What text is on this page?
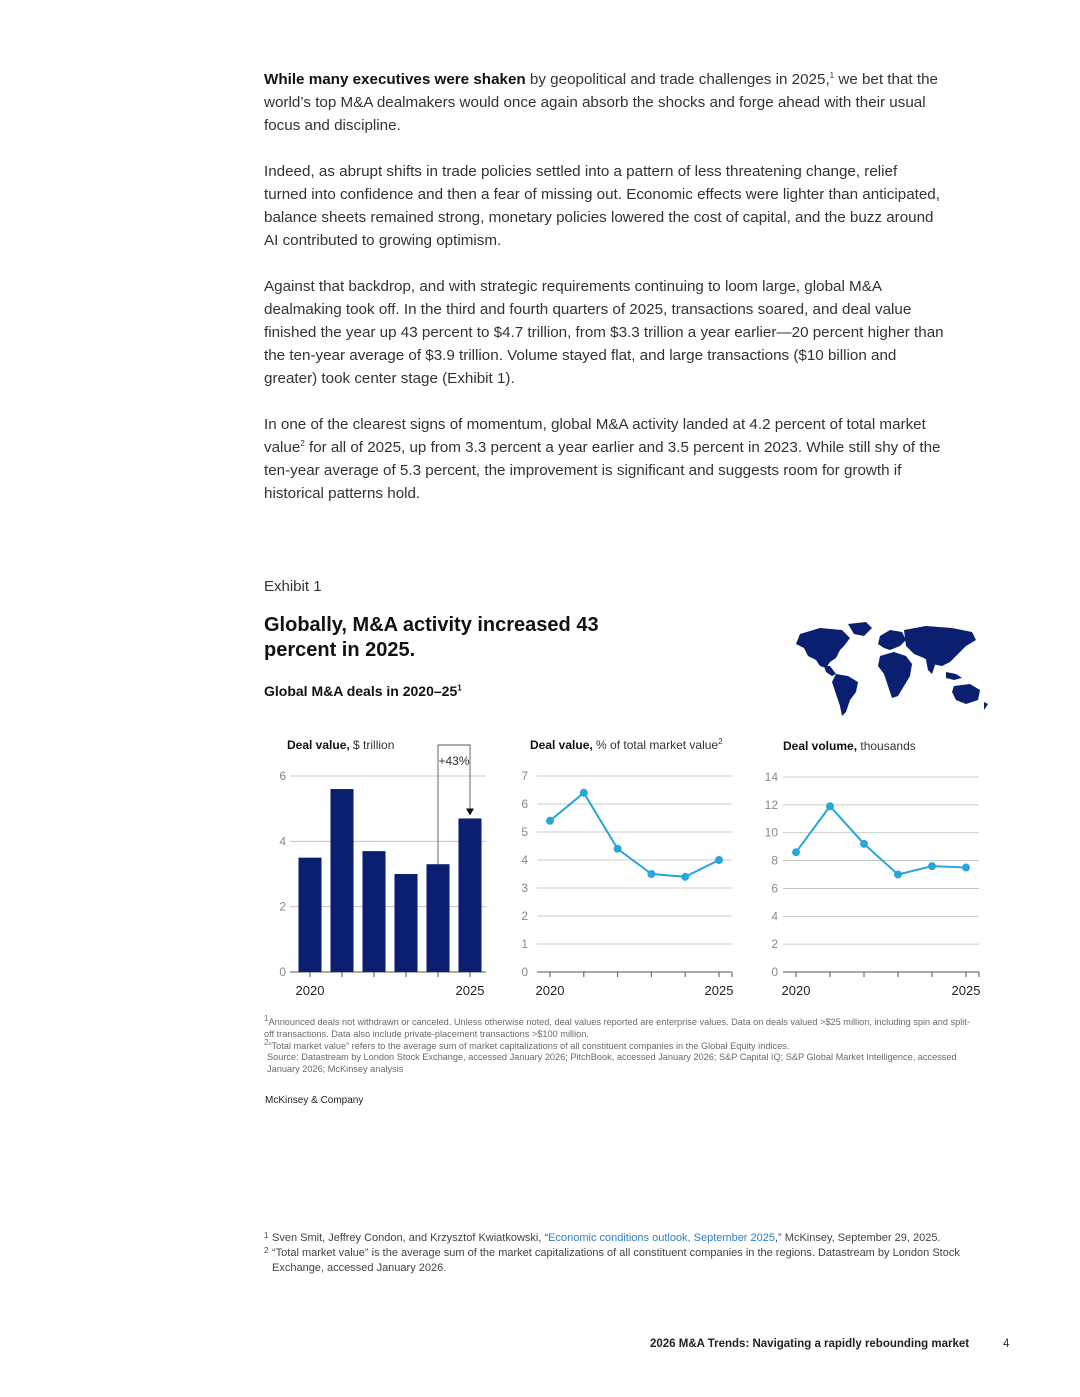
While many executives were shaken by geopolitical and trade challenges in 2025,$^1$ we bet that the world’s top M&A dealmakers would once again absorb the shocks and forge ahead with their usual focus and discipline.

Indeed, as abrupt shifts in trade policies settled into a pattern of less threatening change, relief turned into confidence and then a fear of missing out. Economic effects were lighter than anticipated, balance sheets remained strong, monetary policies lowered the cost of capital, and the buzz around AI contributed to growing optimism.

Against that backdrop, and with strategic requirements continuing to loom large, global M&A dealmaking took off. In the third and fourth quarters of 2025, transactions soared, and deal value finished the year up 43 percent to $4.7 trillion, from $3.3 trillion a year earlier—20 percent higher than the ten-year average of $3.9 trillion. Volume stayed flat, and large transactions ($10 billion and greater) took center stage (Exhibit 1).

In one of the clearest signs of momentum, global M&A activity landed at 4.2 percent of total market value$^2$ for all of 2025, up from 3.3 percent a year earlier and 3.5 percent in 2023. While still shy of the ten-year average of 5.3 percent, the improvement is significant and suggests room for growth if historical patterns hold.

Exhibit 1
Globally, M&A activity increased 43 percent in 2025.
Global M&A deals in $2020-25^1$
Deal value, $ trillion	Deal value, % of total market value$^2$	Deal volume, thousands
0
2
4
6
+43%
2020	2025
0
1
2
3
4
5
6
7
2020	2025
0
2
4
6
8
10
12
14
2020	2025
$^1$Announced deals not withdrawn or canceled. Unless otherwise noted, deal values reported are enterprise values. Data on deals valued >$25 million, including spin and split-off transactions. Data also include private-placement transactions >$100 million.
$^2$“Total market value” refers to the average sum of market capitalizations of all constituent companies in the Global Equity indices.
Source: Datastream by London Stock Exchange, accessed January 2026; PitchBook, accessed January 2026; S&P Capital IQ; S&P Global Market Intelligence, accessed January 2026; McKinsey analysis
McKinsey & Company
1 Sven Smit, Jeffrey Condon, and Krzysztof Kwiatkowski, “Economic conditions outlook, September 2025,” McKinsey, September 29, 2025.
2 “Total market value” is the average sum of the market capitalizations of all constituent companies in the regions. Datastream by London Stock Exchange, accessed January 2026.
2026 M&A Trends: Navigating a rapidly rebounding market	4
